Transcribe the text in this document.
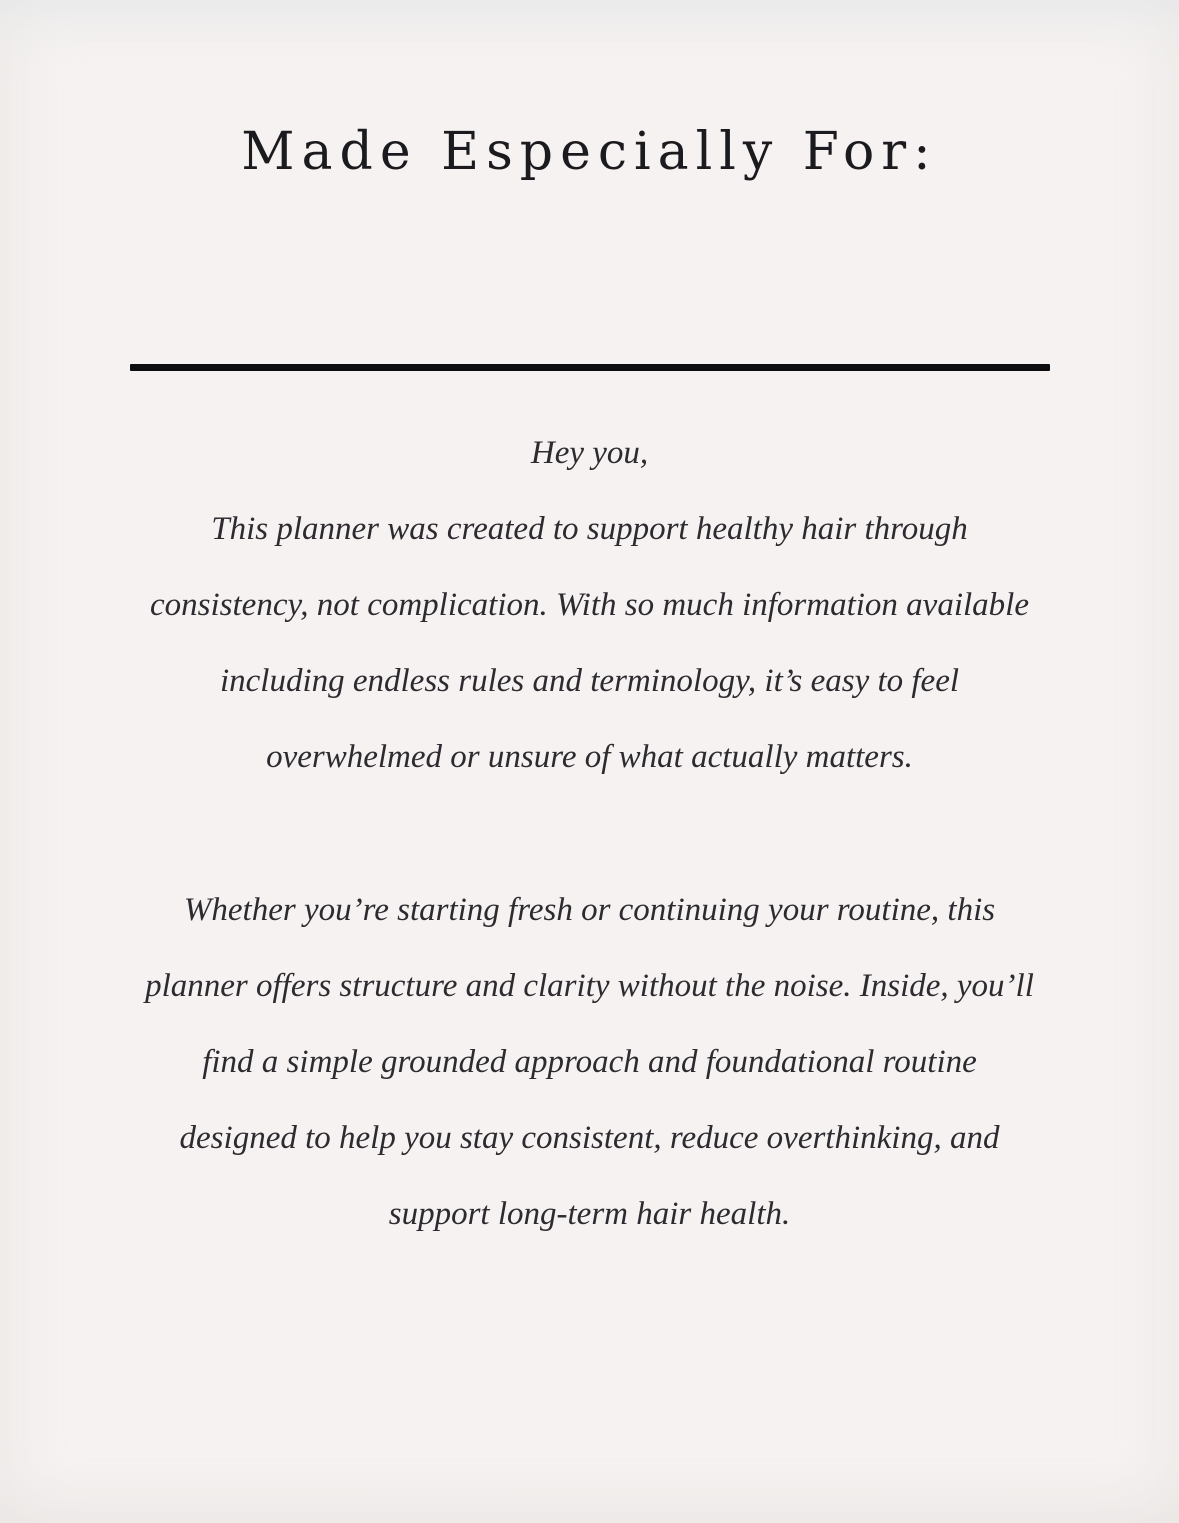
Made Especially For:
Hey you,
This planner was created to support healthy hair through
consistency, not complication. With so much information available
including endless rules and terminology, it’s easy to feel
overwhelmed or unsure of what actually matters.
Whether you’re starting fresh or continuing your routine, this
planner offers structure and clarity without the noise. Inside, you’ll
find a simple grounded approach and foundational routine
designed to help you stay consistent, reduce overthinking, and
support long-term hair health.
